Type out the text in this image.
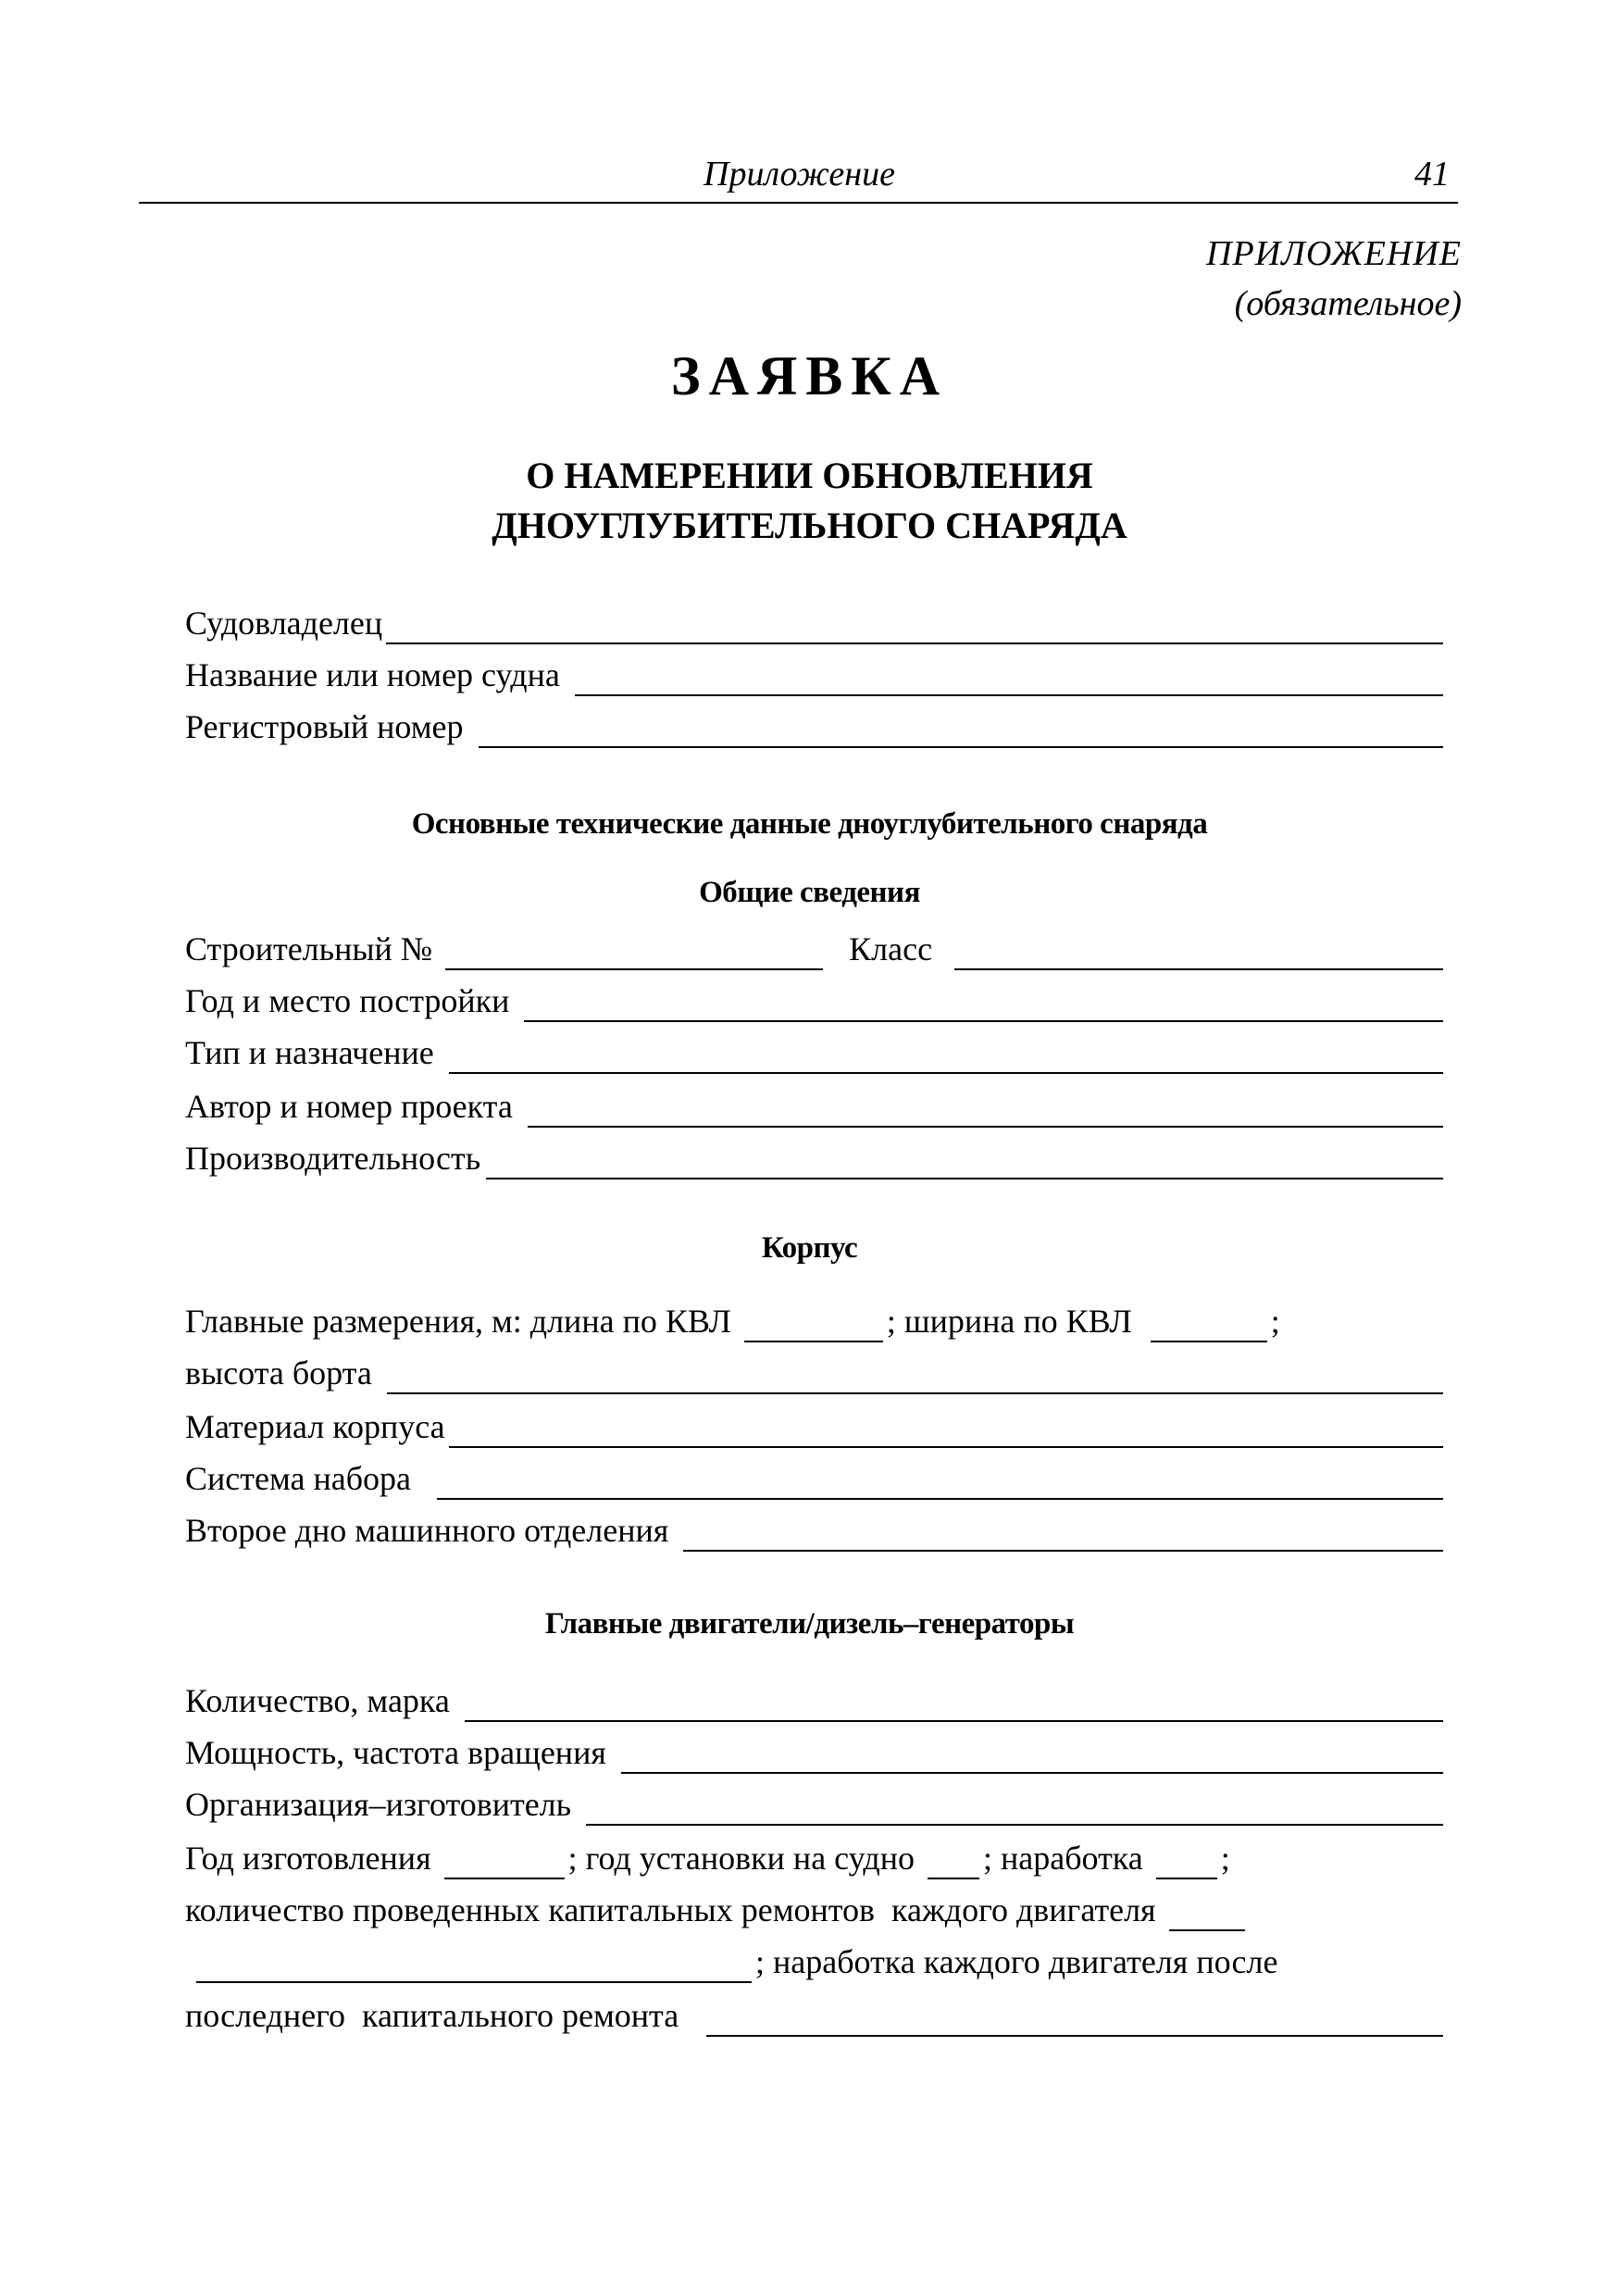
Приложение	41
ПРИЛОЖЕНИЕ
(обязательное)
ЗАЯВКА
О НАМЕРЕНИИ ОБНОВЛЕНИЯ
ДНОУГЛУБИТЕЛЬНОГО СНАРЯДА
Судовладелец
Название или номер судна
Регистровый номер
Основные технические данные дноуглубительного снаряда
Общие сведения
Строительный №	Класс
Год и место постройки
Тип и назначение
Автор и номер проекта
Производительность
Корпус
Главные размерения, м: длина по КВЛ	; ширина по КВЛ	;
высота борта
Материал корпуса
Система набора
Второе дно машинного отделения
Главные двигатели/дизель–генераторы
Количество, марка
Мощность, частота вращения
Организация–изготовитель
Год изготовления	; год установки на судно ; наработка ;
количество проведенных капитальных ремонтов  каждого двигателя
; наработка каждого двигателя после
последнего  капитального ремонта
